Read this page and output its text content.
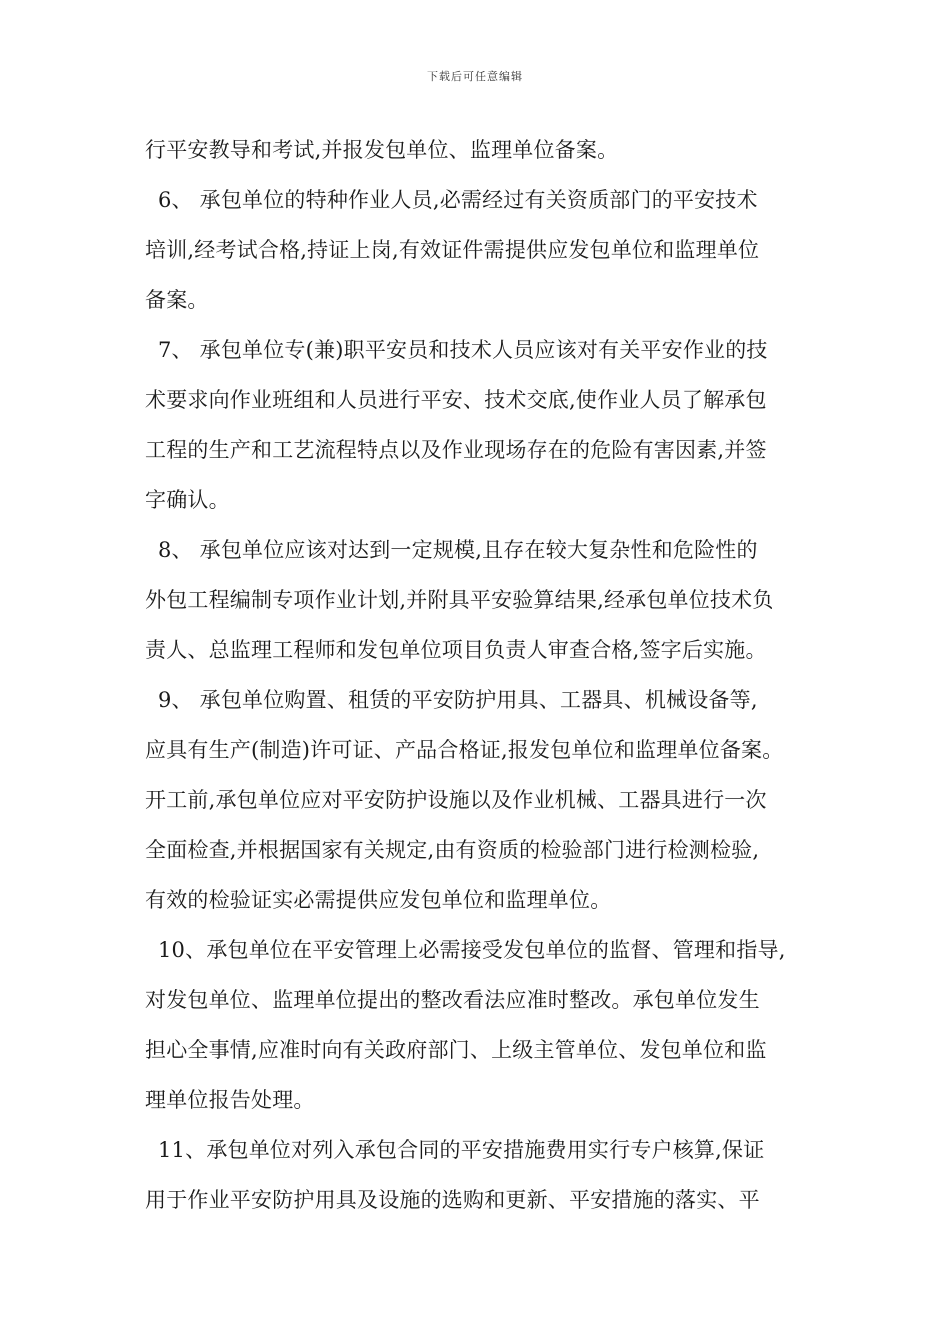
下载后可任意编辑
行平安教导和考试,并报发包单位、监理单位备案。
6、 承包单位的特种作业人员,必需经过有关资质部门的平安技术
培训,经考试合格,持证上岗,有效证件需提供应发包单位和监理单位
备案。
7、 承包单位专(兼)职平安员和技术人员应该对有关平安作业的技
术要求向作业班组和人员进行平安、技术交底,使作业人员了解承包
工程的生产和工艺流程特点以及作业现场存在的危险有害因素,并签
字确认。
8、 承包单位应该对达到一定规模,且存在较大复杂性和危险性的
外包工程编制专项作业计划,并附具平安验算结果,经承包单位技术负
责人、总监理工程师和发包单位项目负责人审查合格,签字后实施。
9、 承包单位购置、租赁的平安防护用具、工器具、机械设备等,
应具有生产(制造)许可证、产品合格证,报发包单位和监理单位备案。
开工前,承包单位应对平安防护设施以及作业机械、工器具进行一次
全面检查,并根据国家有关规定,由有资质的检验部门进行检测检验,
有效的检验证实必需提供应发包单位和监理单位。
10、承包单位在平安管理上必需接受发包单位的监督、管理和指导,
对发包单位、监理单位提出的整改看法应准时整改。承包单位发生
担心全事情,应准时向有关政府部门、上级主管单位、发包单位和监
理单位报告处理。
11、承包单位对列入承包合同的平安措施费用实行专户核算,保证
用于作业平安防护用具及设施的选购和更新、平安措施的落实、平
